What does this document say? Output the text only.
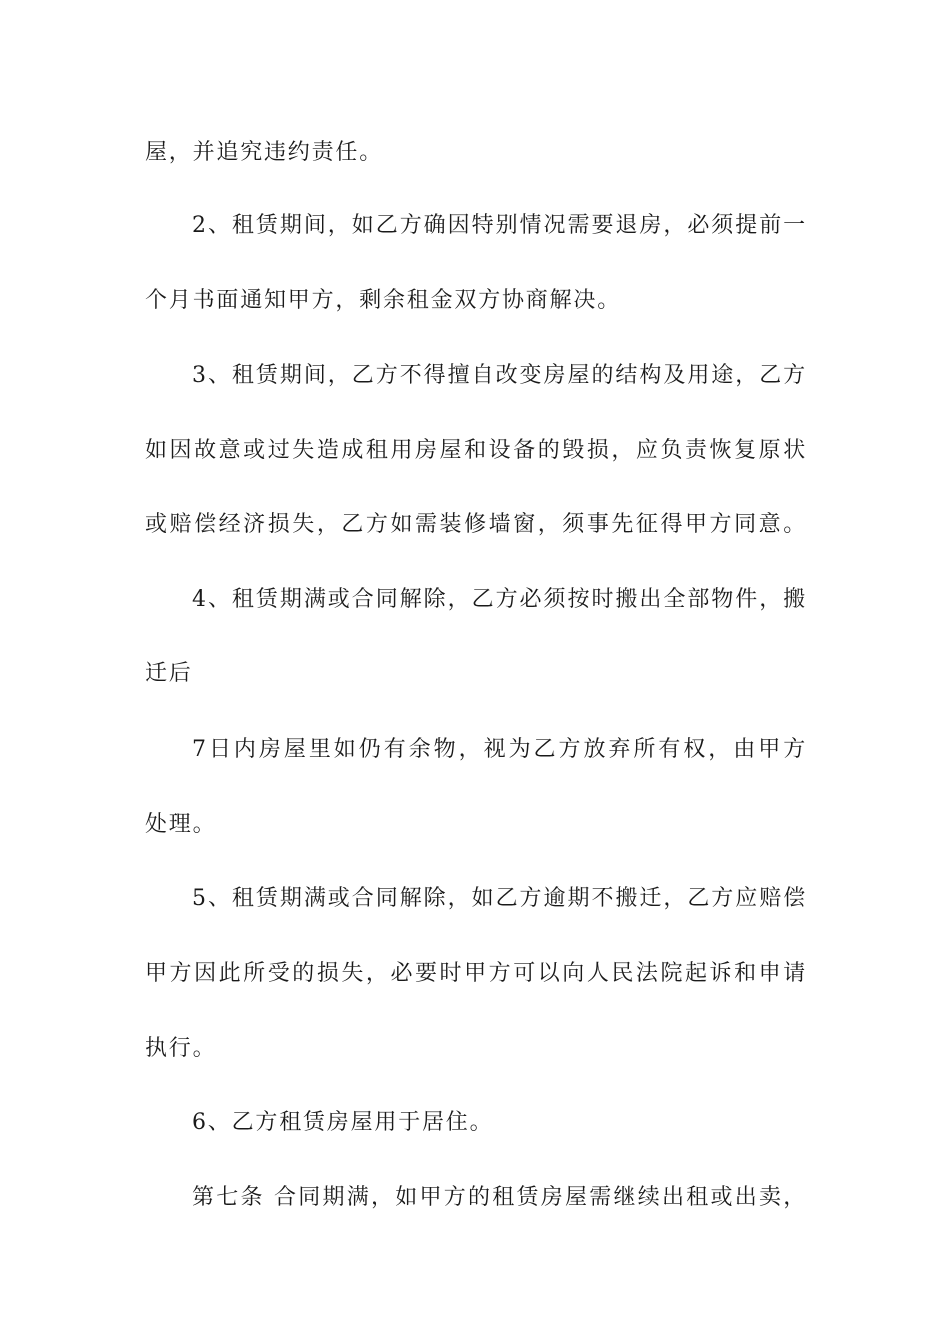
屋，并追究违约责任。
2、租赁期间，如乙方确因特别情况需要退房，必须提前一
个月书面通知甲方，剩余租金双方协商解决。
3、租赁期间，乙方不得擅自改变房屋的结构及用途，乙方
如因故意或过失造成租用房屋和设备的毁损，应负责恢复原状
或赔偿经济损失，乙方如需装修墙窗，须事先征得甲方同意。
4、租赁期满或合同解除，乙方必须按时搬出全部物件，搬
迁后
7日内房屋里如仍有余物，视为乙方放弃所有权，由甲方
处理。
5、租赁期满或合同解除，如乙方逾期不搬迁，乙方应赔偿
甲方因此所受的损失，必要时甲方可以向人民法院起诉和申请
执行。
6、乙方租赁房屋用于居住。
第七条 合同期满，如甲方的租赁房屋需继续出租或出卖，
